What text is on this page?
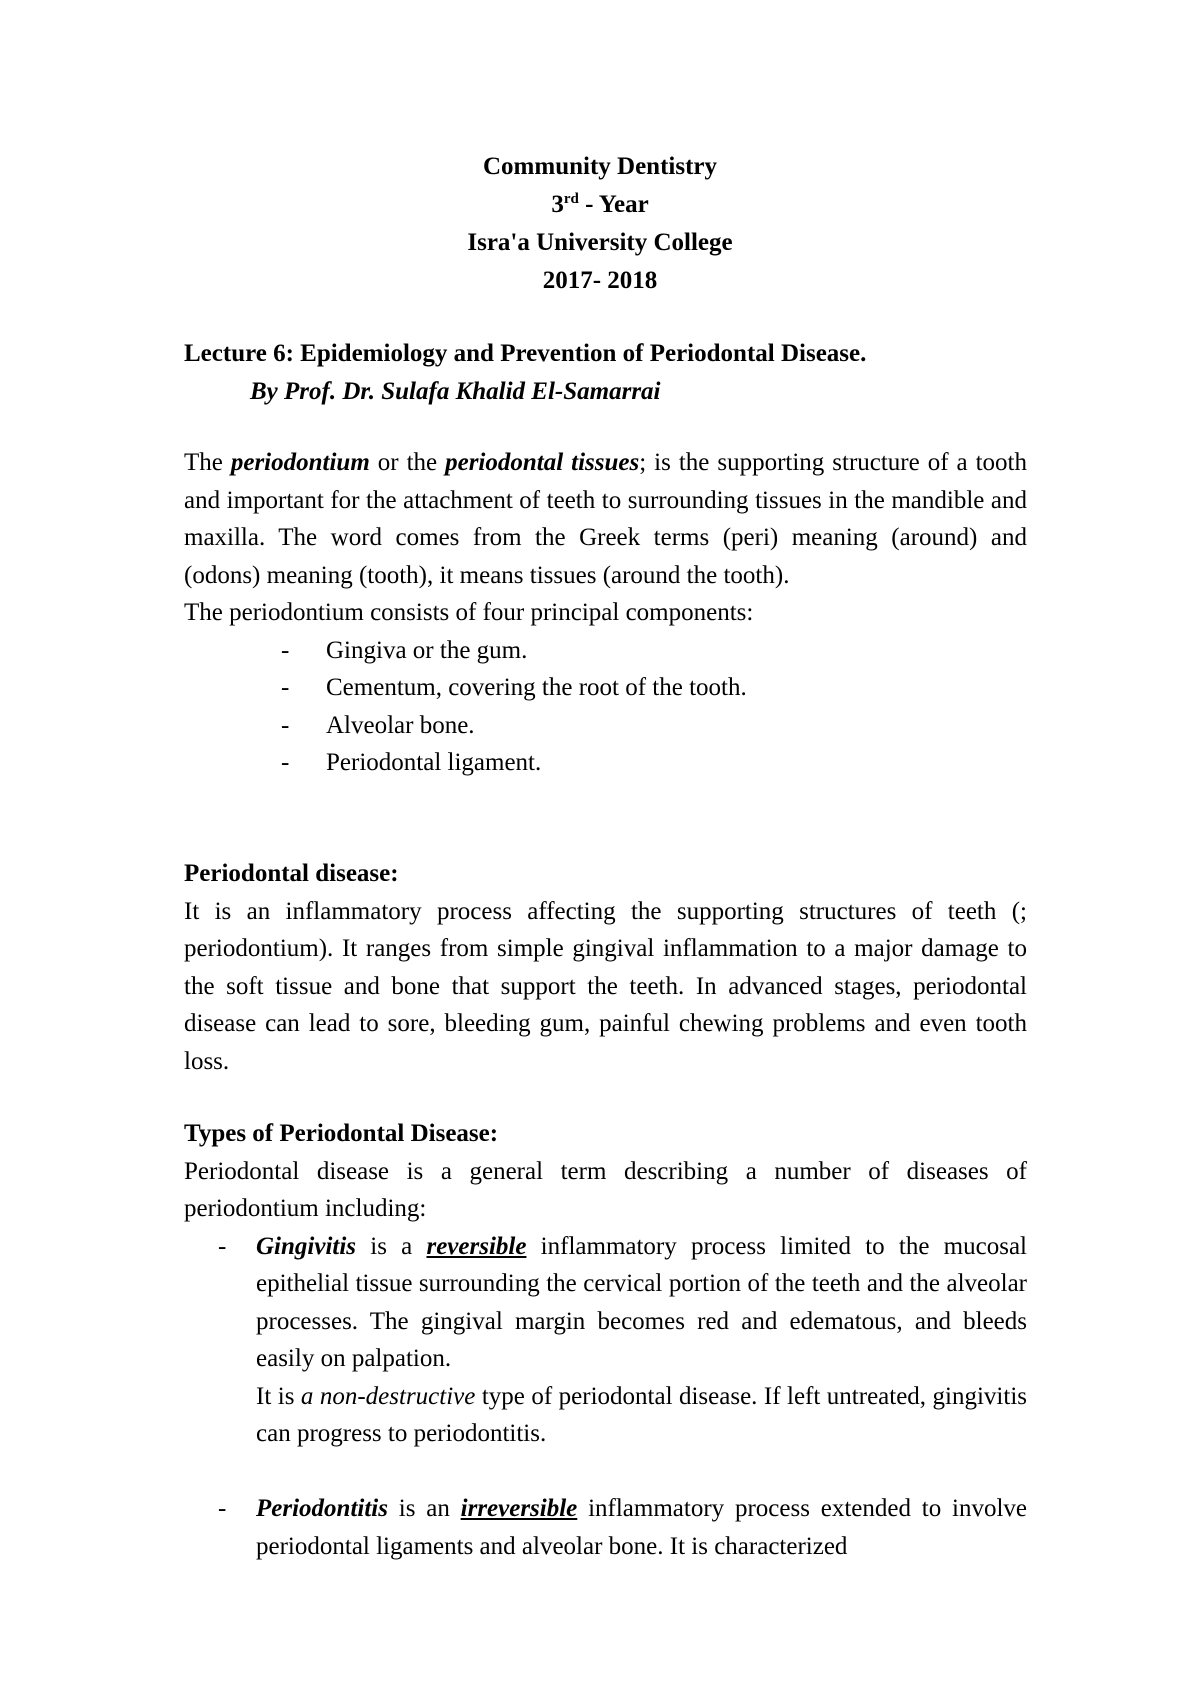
Community Dentistry
3rd - Year
Isra'a University College
2017- 2018
Lecture 6: Epidemiology and Prevention of Periodontal Disease.
By Prof. Dr. Sulafa Khalid El-Samarrai

The periodontium or the periodontal tissues; is the supporting structure of a tooth and important for the attachment of teeth to surrounding tissues in the mandible and maxilla. The word comes from the Greek terms (peri) meaning (around) and (odons) meaning (tooth), it means tissues (around the tooth).

The periodontium consists of four principal components:

- Gingiva or the gum.
- Cementum, covering the root of the tooth.
- Alveolar bone.
- Periodontal ligament.
Periodontal disease:

It is an inflammatory process affecting the supporting structures of teeth (; periodontium). It ranges from simple gingival inflammation to a major damage to the soft tissue and bone that support the teeth. In advanced stages, periodontal disease can lead to sore, bleeding gum, painful chewing problems and even tooth loss.

Types of Periodontal Disease:

Periodontal disease is a general term describing a number of diseases of periodontium including:

- Gingivitis is a reversible inflammatory process limited to the mucosal epithelial tissue surrounding the cervical portion of the teeth and the alveolar processes. The gingival margin becomes red and edematous, and bleeds easily on palpation.

It is a non-destructive type of periodontal disease. If left untreated, gingivitis can progress to periodontitis.

- Periodontitis is an irreversible inflammatory process extended to involve periodontal ligaments and alveolar bone. It is characterized
